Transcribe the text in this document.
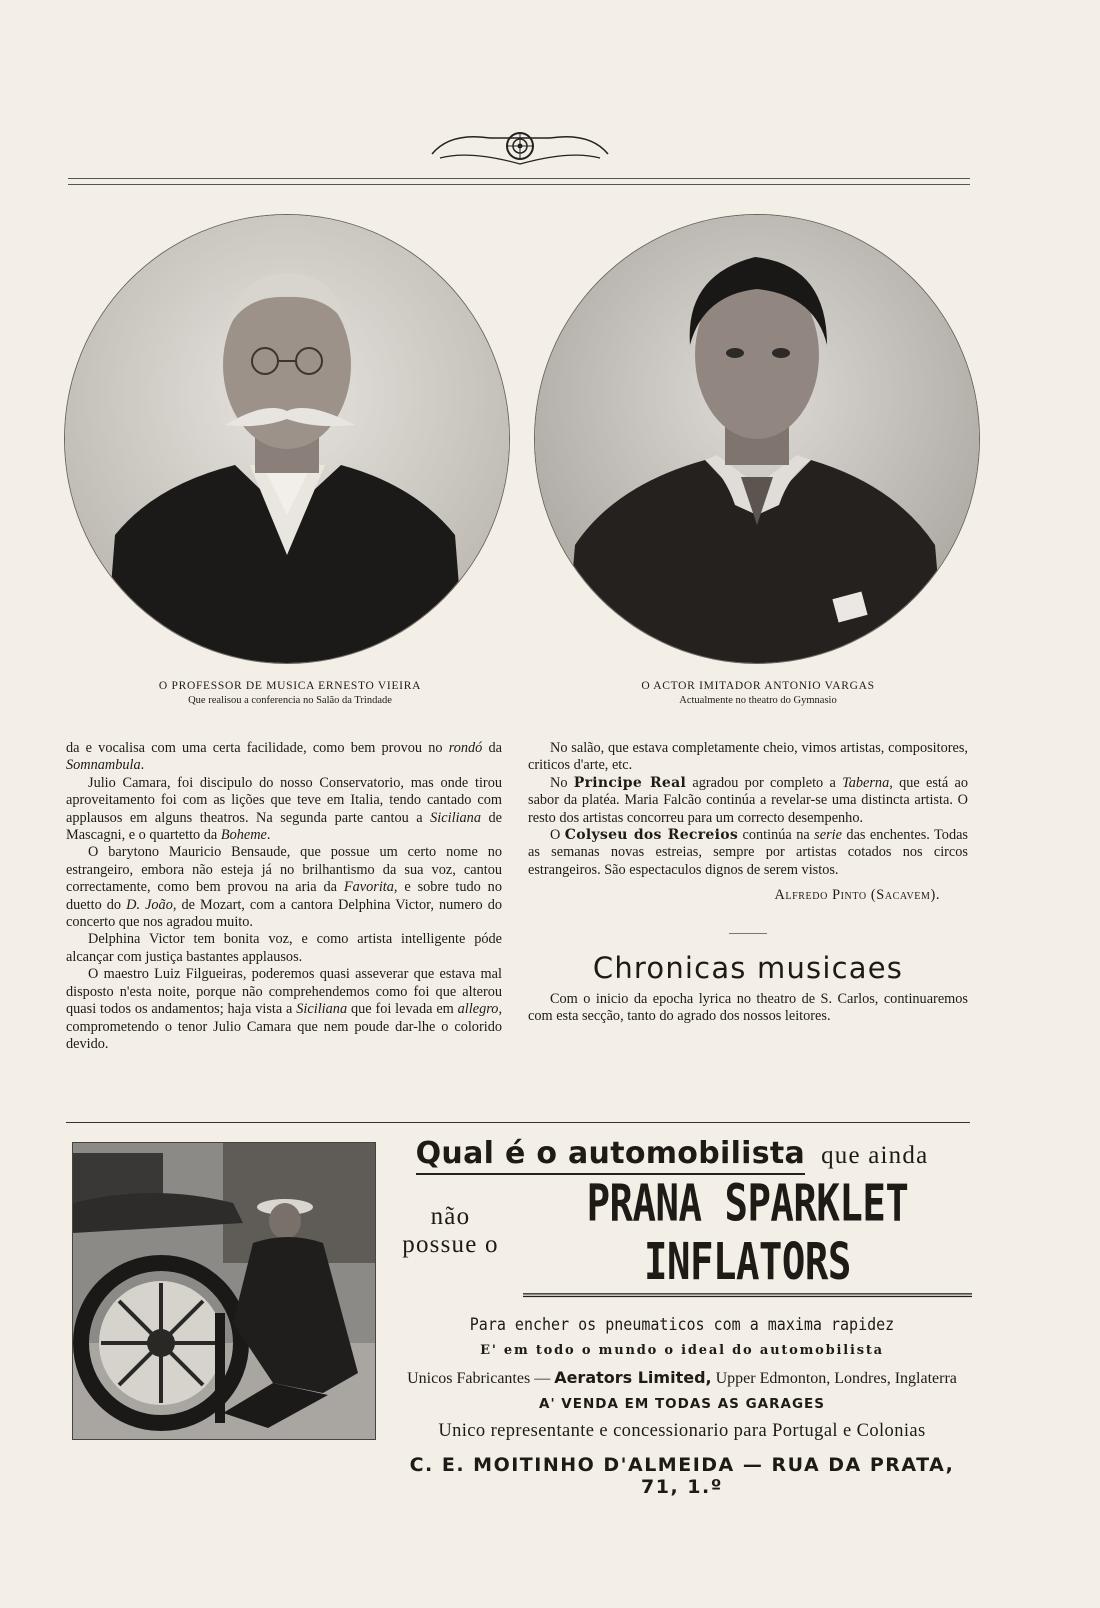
O PROFESSOR DE MUSICA ERNESTO VIEIRA
Que realisou a conferencia no Salão da Trindade
O ACTOR IMITADOR ANTONIO VARGAS
Actualmente no theatro do Gymnasio

da e vocalisa com uma certa facilidade, como bem provou no rondó da Somnambula.

Julio Camara, foi discipulo do nosso Conservatorio, mas onde tirou aproveitamento foi com as lições que teve em Italia, tendo cantado com applausos em alguns theatros. Na segunda parte cantou a Siciliana de Mascagni, e o quartetto da Boheme.

O barytono Mauricio Bensaude, que possue um certo nome no estrangeiro, embora não esteja já no brilhantismo da sua voz, cantou correctamente, como bem provou na aria da Favorita, e sobre tudo no duetto do D. João, de Mozart, com a cantora Delphina Victor, numero do concerto que nos agradou muito.

Delphina Victor tem bonita voz, e como artista intelligente póde alcançar com justiça bastantes applausos.

O maestro Luiz Filgueiras, poderemos quasi asseverar que estava mal disposto n'esta noite, porque não comprehendemos como foi que alterou quasi todos os andamentos; haja vista a Siciliana que foi levada em allegro, comprometendo o tenor Julio Camara que nem poude dar-lhe o colorido devido.

No salão, que estava completamente cheio, vimos artistas, compositores, criticos d'arte, etc.

No Principe Real agradou por completo a Taberna, que está ao sabor da platéa. Maria Falcão continúa a revelar-se uma distincta artista. O resto dos artistas concorreu para um correcto desempenho.

O Colyseu dos Recreios continúa na serie das enchentes. Todas as semanas novas estreias, sempre por artistas cotados nos circos estrangeiros. São espectaculos dignos de serem vistos.

Alfredo Pinto (Sacavem).
Chronicas musicaes

Com o inicio da epocha lyrica no theatro de S. Carlos, continuaremos com esta secção, tanto do agrado dos nossos leitores.

Qual é o automobilista que ainda
não possue o
PRANA SPARKLET INFLATORS
Para encher os pneumaticos com a maxima rapidez
E' em todo o mundo o ideal do automobilista
Unicos Fabricantes — Aerators Limited, Upper Edmonton, Londres, Inglaterra
A' VENDA EM TODAS AS GARAGES
Unico representante e concessionario para Portugal e Colonias
C. E. MOITINHO D'ALMEIDA — RUA DA PRATA, 71, 1.º
